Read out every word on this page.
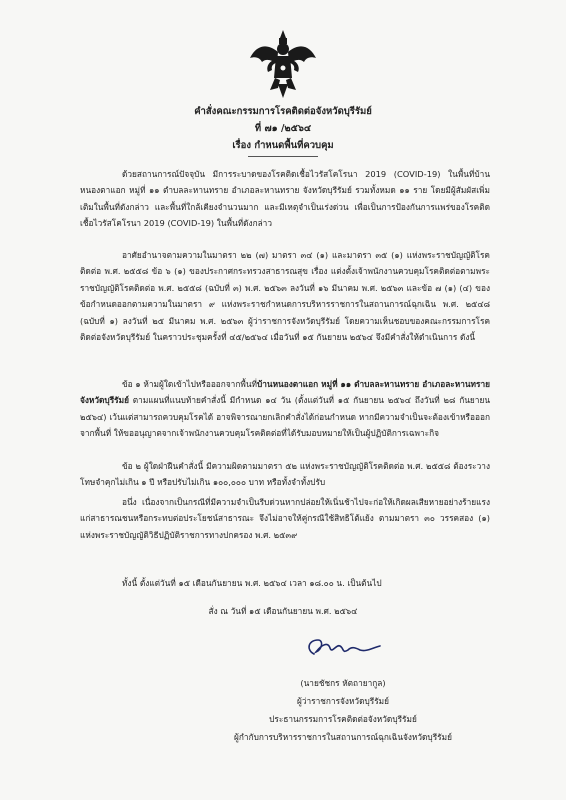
คำสั่งคณะกรรมการโรคติดต่อจังหวัดบุรีรัมย์
ที่ ๗๑ /๒๕๖๔
เรื่อง กำหนดพื้นที่ควบคุม

ด้วยสถานการณ์ปัจจุบัน มีการระบาดของโรคติดเชื้อไวรัสโคโรนา 2019 (COVID-19) ในพื้นที่บ้านหนองตาแอก หมู่ที่ ๑๑ ตำบลละหานทราย อำเภอละหานทราย จังหวัดบุรีรัมย์ รวมทั้งหมด ๑๑ ราย โดยมีผู้สัมผัสเพิ่มเติมในพื้นที่ดังกล่าว และพื้นที่ใกล้เคียงจำนวนมาก และมีเหตุจำเป็นเร่งด่วน เพื่อเป็นการป้องกันการแพร่ของโรคติดเชื้อไวรัสโคโรนา 2019 (COVID-19) ในพื้นที่ดังกล่าว

อาศัยอำนาจตามความในมาตรา ๒๒ (๗) มาตรา ๓๔ (๑) และมาตรา ๓๕ (๑) แห่งพระราชบัญญัติโรคติดต่อ พ.ศ. ๒๕๕๘ ข้อ ๖ (๑) ของประกาศกระทรวงสาธารณสุข เรื่อง แต่งตั้งเจ้าพนักงานควบคุมโรคติดต่อตามพระราชบัญญัติโรคติดต่อ พ.ศ. ๒๕๕๘ (ฉบับที่ ๓) พ.ศ. ๒๕๖๓ ลงวันที่ ๑๖ มีนาคม พ.ศ. ๒๕๖๓ และข้อ ๗ (๑) (๔) ของข้อกำหนดออกตามความในมาตรา ๙ แห่งพระราชกำหนดการบริหารราชการในสถานการณ์ฉุกเฉิน พ.ศ. ๒๕๔๘ (ฉบับที่ ๑) ลงวันที่ ๒๕ มีนาคม พ.ศ. ๒๕๖๓ ผู้ว่าราชการจังหวัดบุรีรัมย์ โดยความเห็นชอบของคณะกรรมการโรคติดต่อจังหวัดบุรีรัมย์ ในคราวประชุมครั้งที่ ๔๕/๒๕๖๔ เมื่อวันที่ ๑๕ กันยายน ๒๕๖๔ จึงมีคำสั่งให้ดำเนินการ ดังนี้

ข้อ ๑ ห้ามผู้ใดเข้าไปหรือออกจากพื้นที่บ้านหนองตาแอก หมู่ที่ ๑๑ ตำบลละหานทราย อำเภอละหานทราย จังหวัดบุรีรัมย์ ตามแผนที่แนบท้ายคำสั่งนี้ มีกำหนด ๑๔ วัน (ตั้งแต่วันที่ ๑๕ กันยายน ๒๕๖๔ ถึงวันที่ ๒๘ กันยายน ๒๕๖๔) เว้นแต่สามารถควบคุมโรคได้ อาจพิจารณายกเลิกคำสั่งได้ก่อนกำหนด หากมีความจำเป็นจะต้องเข้าหรือออกจากพื้นที่ ให้ขออนุญาตจากเจ้าพนักงานควบคุมโรคติดต่อที่ได้รับมอบหมายให้เป็นผู้ปฏิบัติการเฉพาะกิจ

ข้อ ๒ ผู้ใดฝ่าฝืนคำสั่งนี้ มีความผิดตามมาตรา ๕๒ แห่งพระราชบัญญัติโรคติดต่อ พ.ศ. ๒๕๕๘ ต้องระวางโทษจำคุกไม่เกิน ๑ ปี หรือปรับไม่เกิน ๑๐๐,๐๐๐ บาท หรือทั้งจำทั้งปรับ

อนึ่ง เนื่องจากเป็นกรณีที่มีความจำเป็นรีบด่วนหากปล่อยให้เนิ่นช้าไปจะก่อให้เกิดผลเสียหายอย่างร้ายแรงแก่สาธารณชนหรือกระทบต่อประโยชน์สาธารณะ จึงไม่อาจให้คู่กรณีใช้สิทธิโต้แย้ง ตามมาตรา ๓๐ วรรคสอง (๑) แห่งพระราชบัญญัติวิธีปฏิบัติราชการทางปกครอง พ.ศ. ๒๕๓๙

ทั้งนี้ ตั้งแต่วันที่ ๑๕ เดือนกันยายน พ.ศ. ๒๕๖๔ เวลา ๑๘.๐๐ น. เป็นต้นไป
สั่ง ณ วันที่ ๑๕ เดือนกันยายน พ.ศ. ๒๕๖๔
(นายชัชกร หัตถายากูล)
ผู้ว่าราชการจังหวัดบุรีรัมย์
ประธานกรรมการโรคติดต่อจังหวัดบุรีรัมย์
ผู้กำกับการบริหารราชการในสถานการณ์ฉุกเฉินจังหวัดบุรีรัมย์
